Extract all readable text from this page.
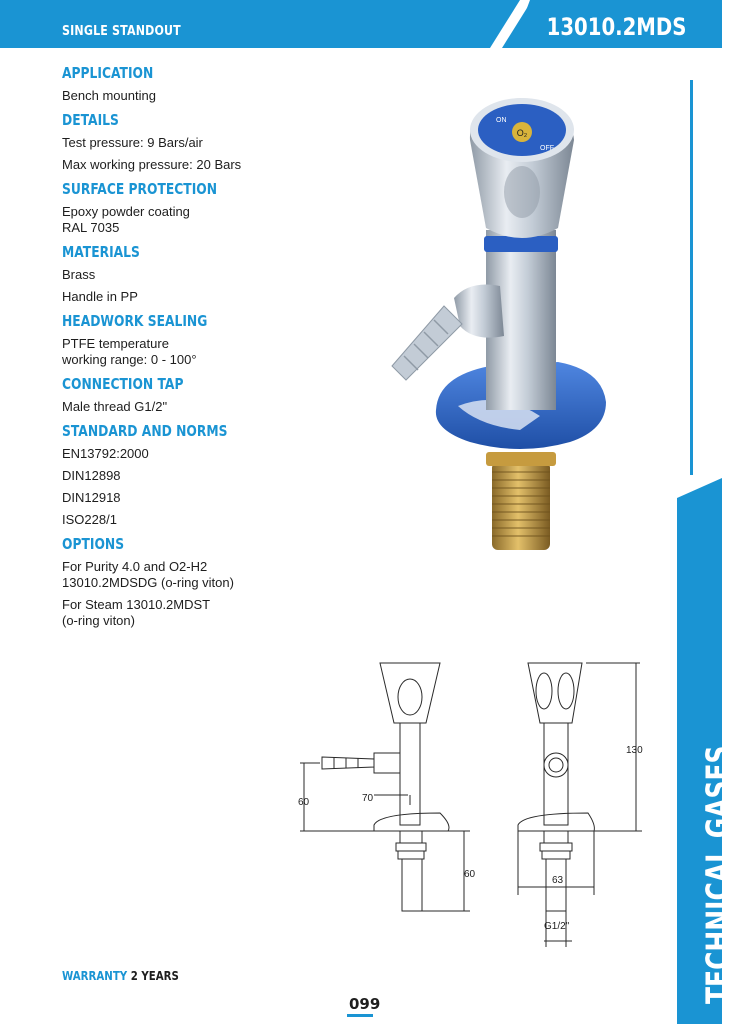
SINGLE STANDOUT	13010.2MDS
TECHNICAL GASES
APPLICATION
Bench mounting
DETAILS
Test pressure: 9 Bars/air
Max working pressure: 20 Bars
SURFACE PROTECTION
Epoxy powder coating
RAL 7035
MATERIALS
Brass
Handle in PP
HEADWORK SEALING
PTFE temperature
working range: 0 - 100°
CONNECTION TAP
Male thread G1/2"
STANDARD AND NORMS
EN13792:2000
DIN12898
DIN12918
ISO228/1
OPTIONS
For Purity 4.0 and O2-H2
13010.2MDSDG (o-ring viton)
For Steam 13010.2MDST
(o-ring viton)
O₂
ON
OFF
60	70
60
130
63
G1/2"
WARRANTY 2 YEARS
099
